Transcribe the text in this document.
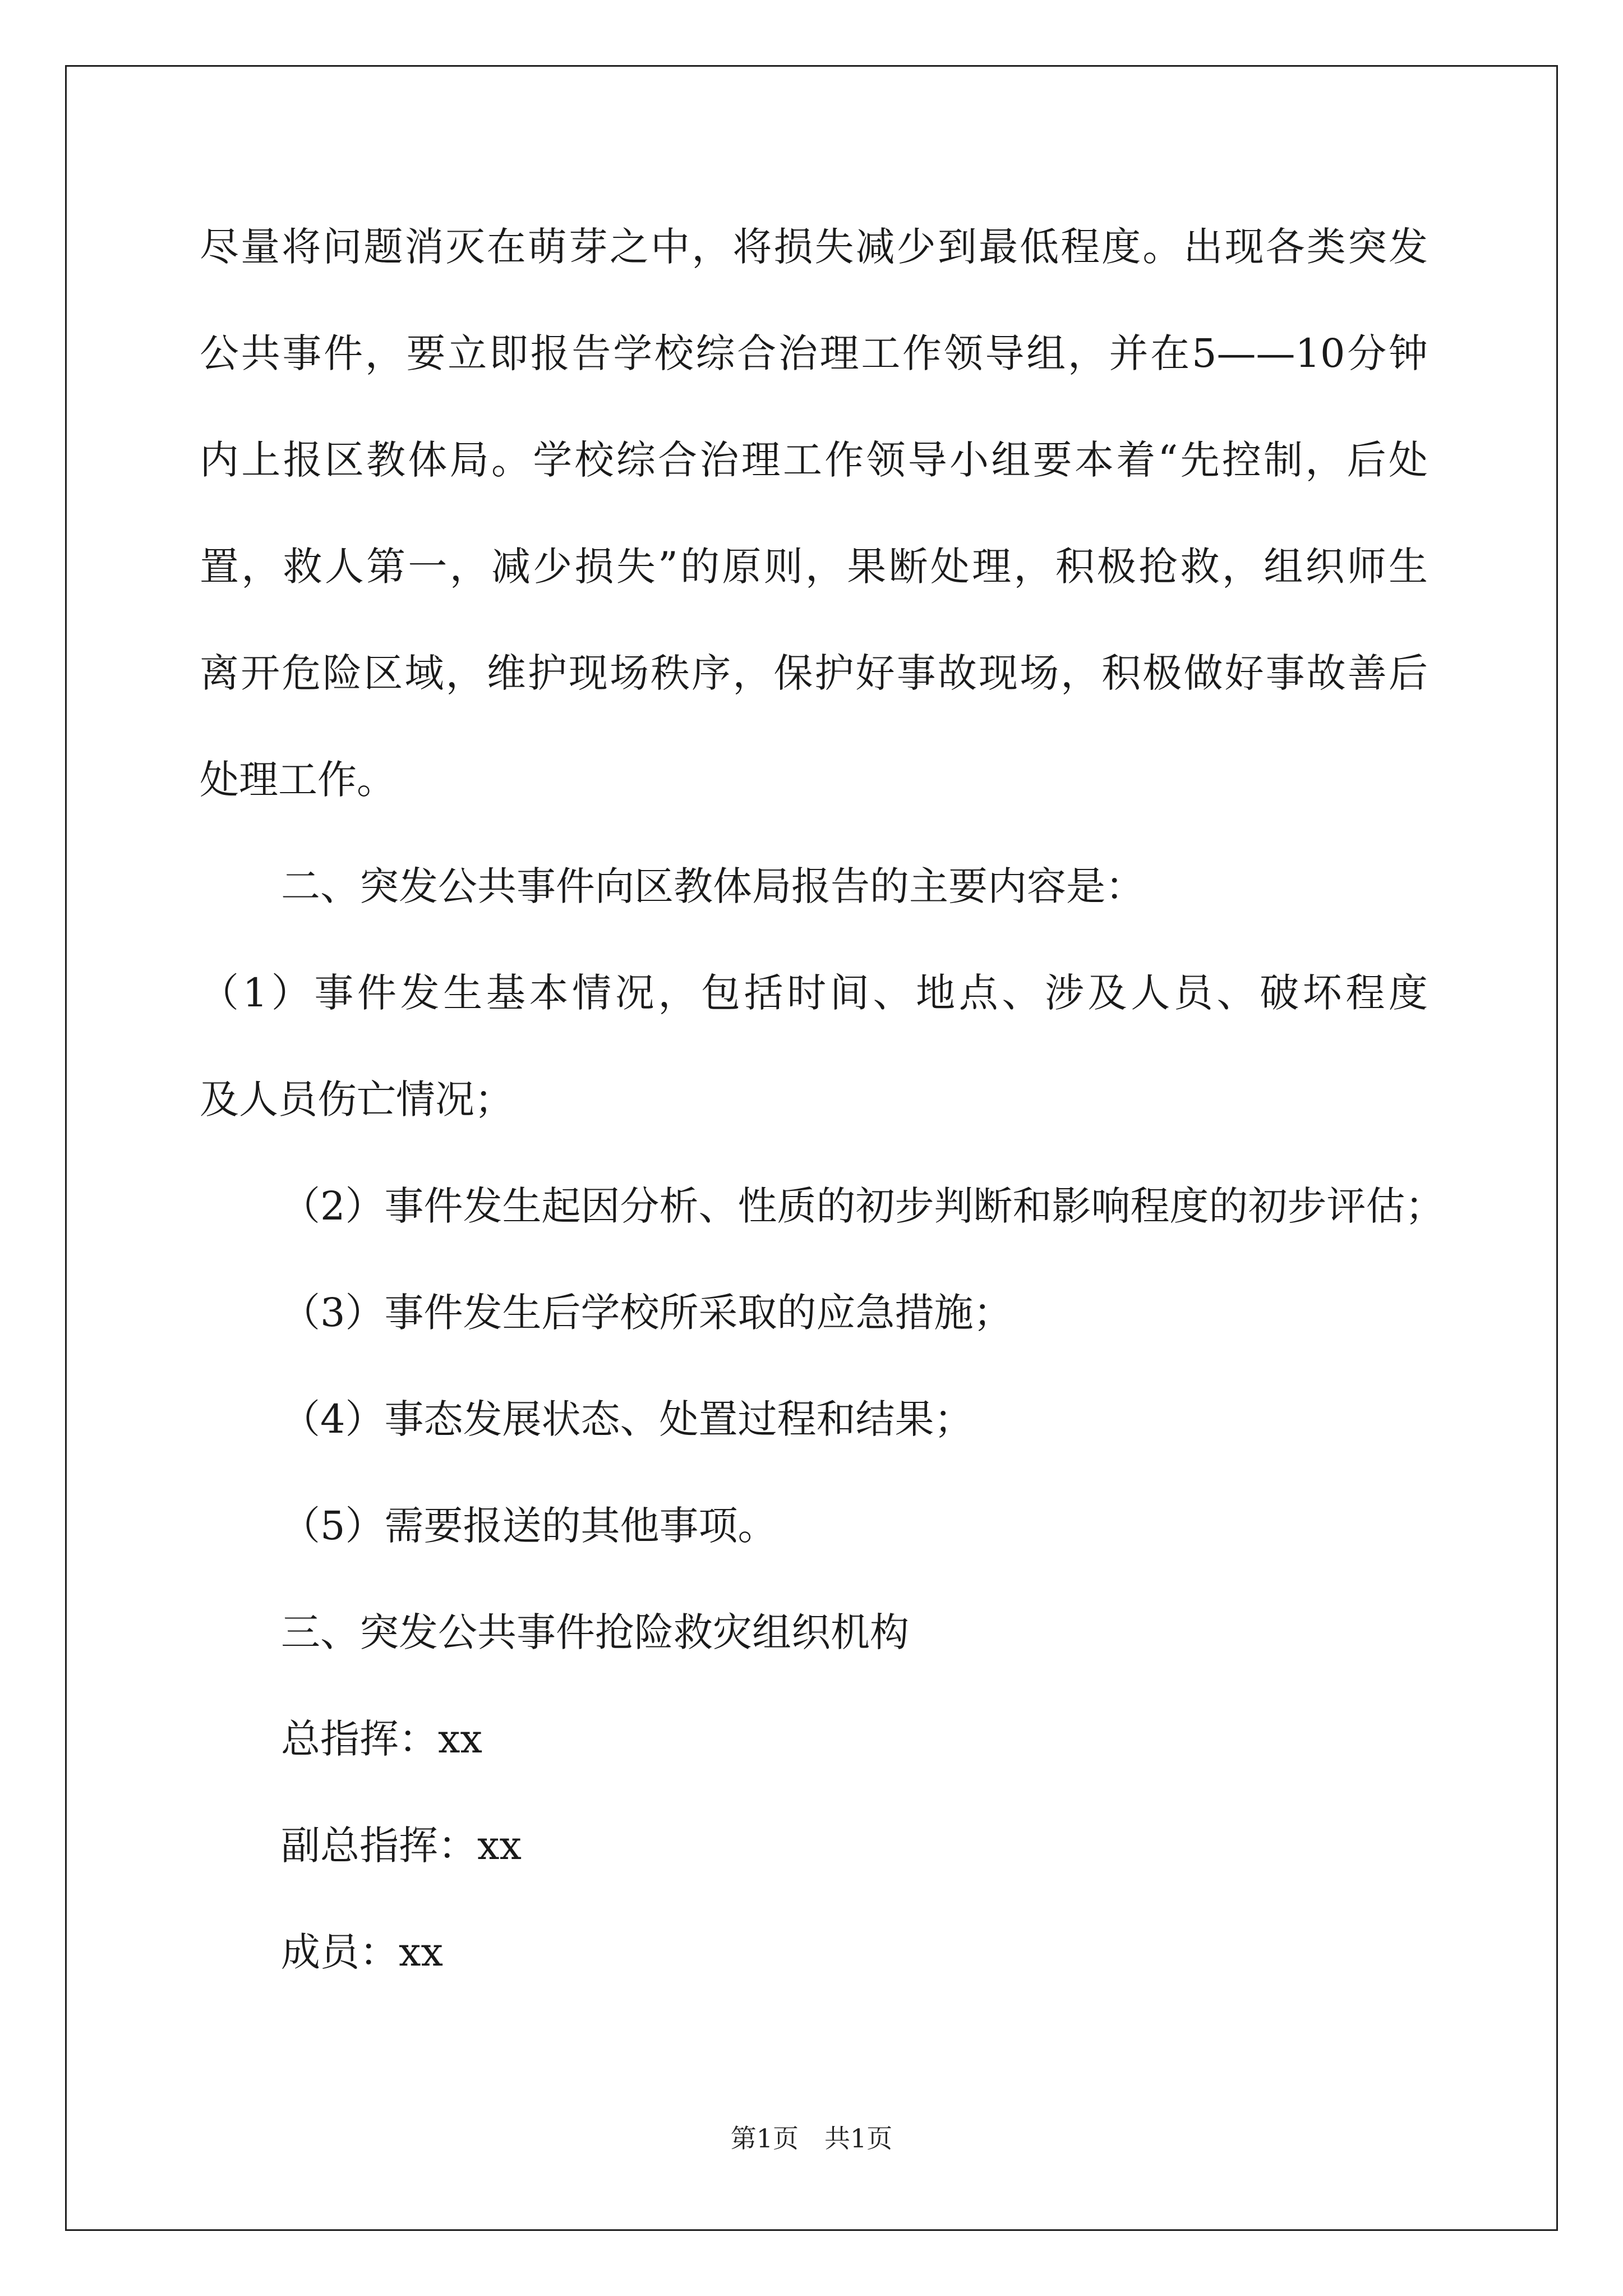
尽量将问题消灭在萌芽之中，将损失减少到最低程度。出现各类突发
公共事件，要立即报告学校综合治理工作领导组，并在5——10分钟
内上报区教体局。学校综合治理工作领导小组要本着“先控制，后处
置，救人第一，减少损失”的原则，果断处理，积极抢救，组织师生
离开危险区域，维护现场秩序，保护好事故现场，积极做好事故善后
处理工作。
二、突发公共事件向区教体局报告的主要内容是：
（1）事件发生基本情况，包括时间、地点、涉及人员、破坏程度
及人员伤亡情况；
（2）事件发生起因分析、性质的初步判断和影响程度的初步评估；
（3）事件发生后学校所采取的应急措施；
（4）事态发展状态、处置过程和结果；
（5）需要报送的其他事项。
三、突发公共事件抢险救灾组织机构
总指挥：xx
副总指挥：xx
成员：xx
第1页　共1页
